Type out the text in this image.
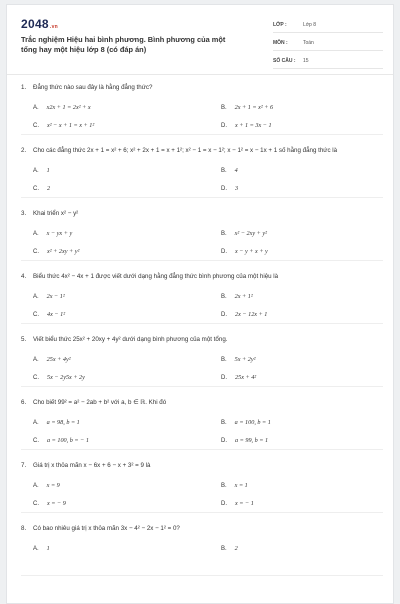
2048.vn
Trắc nghiệm Hiệu hai bình phương. Bình phương của một tổng hay một hiệu lớp 8 (có đáp án)
LỚP :	Lớp 8
MÔN :	Toán
SỐ CÂU : 15
1. Đẳng thức nào sau đây là hằng đẳng thức?
A. x2x + 1 = 2x² + x	B. 2x + 1 = x² + 6
C. x² − x + 1 = x + 1²	D. x + 1 = 3x − 1
2. Cho các đẳng thức 2x + 1 = x² + 6; x² + 2x + 1 = x + 1²; x² − 1 = x − 1²; x − 1² = x − 1x + 1 số hằng đẳng thức là
A. 1	B. 4
C. 2	D. 3
3. Khai triển x² − y²
A. x − yx + y	B. x² − 2xy + y²
C. x² + 2xy + y²	D. x − y + x + y
4. Biểu thức 4x² − 4x + 1 được viết dưới dạng hằng đẳng thức bình phương của một hiệu là
A. 2x − 1²	B. 2x + 1²
C. 4x − 1²	D. 2x − 12x + 1
5. Viết biểu thức 25x² + 20xy + 4y² dưới dạng bình phương của một tổng.
A. 25x + 4y²	B. 5x + 2y²
C. 5x − 2y5x + 2y	D. 25x + 4²
6. Cho biết 99² = a² − 2ab + b² với a, b ∈ ℝ. Khi đó
A. a = 98, b = 1	B. a = 100, b = 1
C. a = 100, b = − 1	D. a = 99, b = 1
7. Giá trị x thỏa mãn x − 6x + 6 − x + 3² = 9 là
A. x = 9	B. x = 1
C. x = − 9	D. x = − 1
8. Có bao nhiêu giá trị x thỏa mãn 3x − 4² − 2x − 1² = 0?
A. 1	B. 2
